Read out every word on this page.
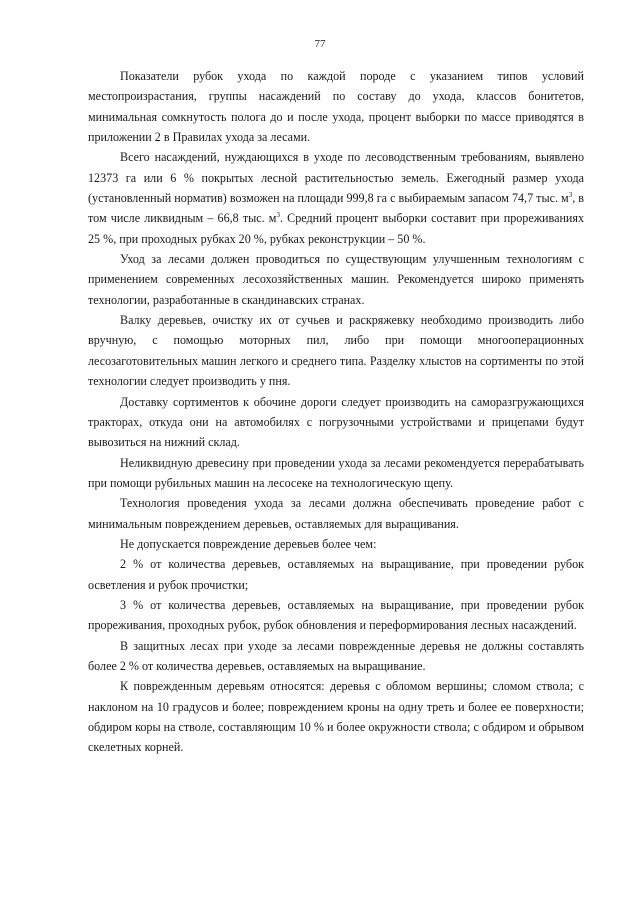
77

Показатели рубок ухода по каждой породе с указанием типов условий местопроизрастания, группы насаждений по составу до ухода, классов бонитетов, минимальная сомкнутость полога до и после ухода, процент выборки по массе приводятся в приложении 2 в Правилах ухода за лесами.

Всего насаждений, нуждающихся в уходе по лесоводственным требованиям, выявлено 12373 га или 6 % покрытых лесной растительностью земель. Ежегодный размер ухода (установленный норматив) возможен на площади 999,8 га с выбираемым запасом 74,7 тыс. $м^3$, в том числе ликвидным – 66,8 тыс. $м^3$. Средний процент выборки составит при прореживаниях 25 %, при проходных рубках 20 %, рубках реконструкции – 50 %.

Уход за лесами должен проводиться по существующим улучшенным технологиям с применением современных лесохозяйственных машин. Рекомендуется широко применять технологии, разработанные в скандинавских странах.

Валку деревьев, очистку их от сучьев и раскряжевку необходимо производить либо вручную, с помощью моторных пил, либо при помощи многооперационных лесозаготовительных машин легкого и среднего типа. Разделку хлыстов на сортименты по этой технологии следует производить у пня.

Доставку сортиментов к обочине дороги следует производить на саморазгружающихся тракторах, откуда они на автомобилях с погрузочными устройствами и прицепами будут вывозиться на нижний склад.

Неликвидную древесину при проведении ухода за лесами рекомендуется перерабатывать при помощи рубильных машин на лесосеке на технологическую щепу.

Технология проведения ухода за лесами должна обеспечивать проведение работ с минимальным повреждением деревьев, оставляемых для выращивания.

Не допускается повреждение деревьев более чем:

2 % от количества деревьев, оставляемых на выращивание, при проведении рубок осветления и рубок прочистки;

3 % от количества деревьев, оставляемых на выращивание, при проведении рубок прореживания, проходных рубок, рубок обновления и переформирования лесных насаждений.

В защитных лесах при уходе за лесами поврежденные деревья не должны составлять более 2 % от количества деревьев, оставляемых на выращивание.

К поврежденным деревьям относятся: деревья с обломом вершины; сломом ствола; с наклоном на 10 градусов и более; повреждением кроны на одну треть и более ее поверхности; обдиром коры на стволе, составляющим 10 % и более окружности ствола; с обдиром и обрывом скелетных корней.
